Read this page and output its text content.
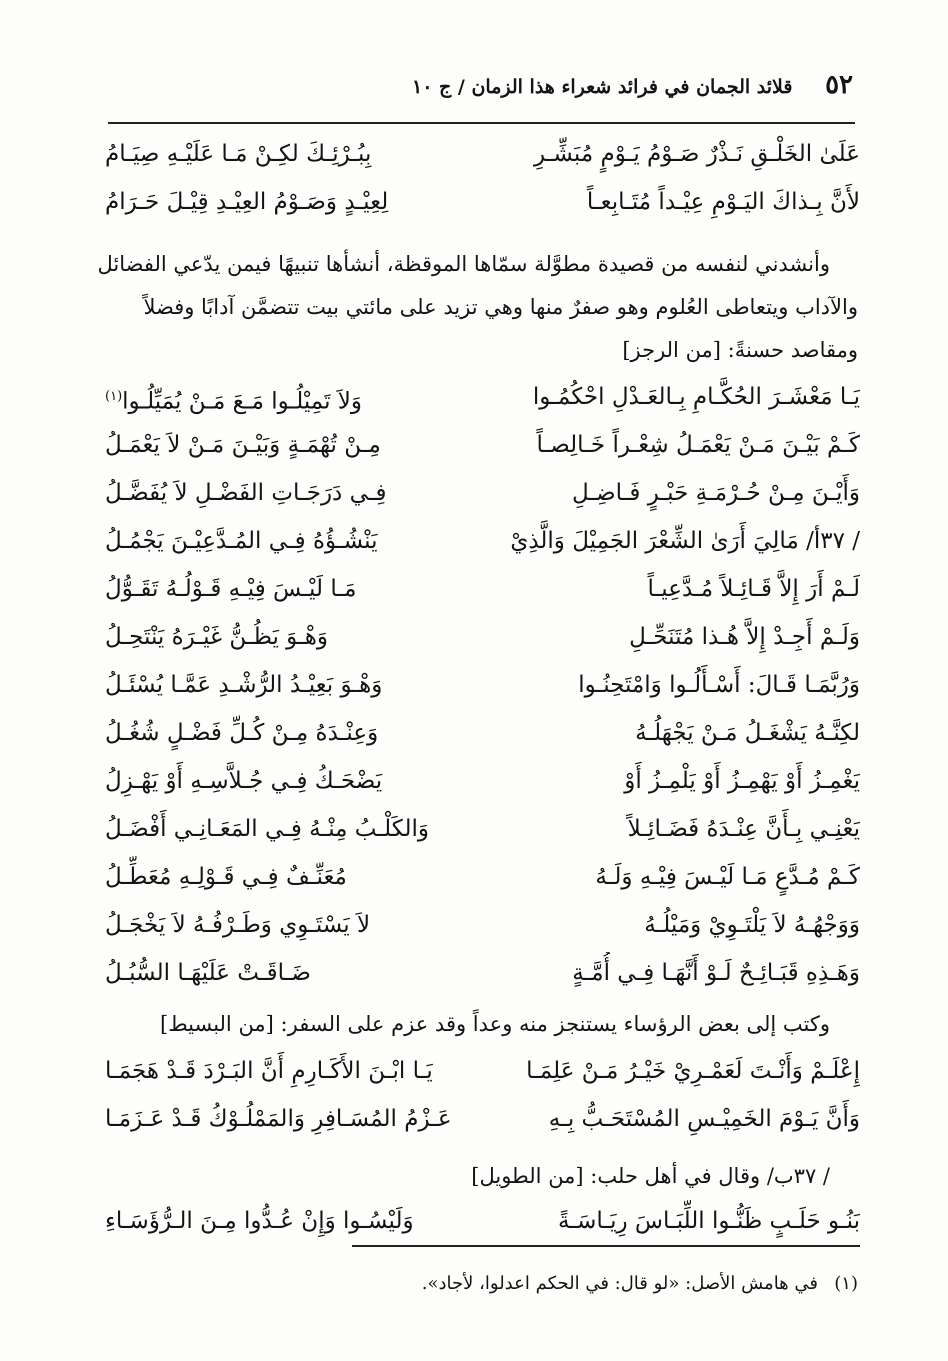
٥٢
قلائد الجمان في فرائد شعراء هذا الزمان / ج ١٠
عَلَىٰ الخَلْـقِ نَـذْرٌ صَـوْمُ يَـوْمٍ مُبَشِّـرِ
بِبُـرْئِـكَ لكِـنْ مَـا عَلَيْـهِ صِيَـامُ
لأَنَّ بِـذاكَ اليَـوْمِ عِيْـداً مُتَـابِعـاً
لِعِيْـدٍ وَصَـوْمُ العِيْـدِ قِيْـلَ حَـرَامُ
وأنشدني لنفسه من قصيدة مطوَّلة سمّاها الموقظة، أنشأها تنبيهًا فيمن يدّعي الفضائل
والآداب ويتعاطى العُلوم وهو صفرٌ منها وهي تزيد على مائتي بيت تتضمَّن آدابًا وفضلاً
ومقاصد حسنةً: [من الرجز]
يَـا مَعْشَـرَ الحُكَّـامِ بِـالعَـدْلِ احْكُمُـوا
وَلاَ تَمِيْلُـوا مَـعَ مَـنْ يُمَيِّلُـوا$^{(١)}$
كَـمْ بَيْـنَ مَـنْ يَعْمَـلُ شِعْـراً خَـالِصـاً
مِـنْ تُهْمَـةٍ وَبَيْـنَ مَـنْ لاَ يَعْمَـلُ
وَأَيْـنَ مِـنْ حُـرْمَـةِ حَبْـرٍ فَـاضِـلِ
فِـي دَرَجَـاتِ الفَضْـلِ لاَ يُفَضَّـلُ
/ ٣٧أ/ مَالِيَ أَرَىٰ الشِّعْرَ الجَمِيْلَ وَالَّذِيْ
يَنْشُـؤُهُ فِـي المُـدَّعِيْـنَ يَجْمُـلُ
لَـمْ أَرَ إِلاَّ قَـائِـلاً مُـدَّعِيـاً
مَـا لَيْـسَ فِيْـهِ قَـوْلُـهُ تَقَـوُّلُ
وَلَـمْ أَجِـدْ إِلاَّ هُـذا مُتَنَحِّـلِ
وَهْـوَ يَظُـنُّ غَيْـرَهُ يَنْتَحِـلُ
وَرُبَّمَـا قَـالَ: أَسْـأَلُـوا وَامْتَحِنُـوا
وَهْـوَ بَعِيْـدُ الرُّشْـدِ عَمَّـا يُسْئَـلُ
لكِنَّـهُ يَشْغَـلُ مَـنْ يَجْهَلُـهُ
وَعِنْـدَهُ مِـنْ كُـلِّ فَضْـلٍ شُغُـلُ
يَغْمِـزُ أَوْ يَهْمِـزُ أَوْ يَلْمِـزُ أَوْ
يَضْحَـكُ فِـي جُـلاَّسِـهِ أَوْ يَهْـزِلُ
يَعْنِـي بِـأَنَّ عِنْـدَهُ فَضَـائِـلاً
وَالكَلْـبُ مِنْـهُ فِـي المَعَـانِـي أَفْضَـلُ
كَـمْ مُـدَّعٍ مَـا لَيْـسَ فِيْـهِ وَلَـهُ
مُعَنِّـفٌ فِـي قَـوْلِـهِ مُعَطِّـلُ
وَوَجْهُـهُ لاَ يَلْتَـوِيْ وَمَيْلُـهُ
لاَ يَسْتَـوِي وَطَـرْفُـهُ لاَ يَخْجَـلُ
وَهَـذِهِ قَبَـائِـحٌ لَـوْ أَنَّهَـا فِـي أُمَّـةٍ
ضَـاقَـتْ عَلَيْهَـا السُّبُـلُ
وكتب إلى بعض الرؤساء يستنجز منه وعداً وقد عزم على السفر: [من البسيط]
إِعْلَـمْ وَأَنْـتَ لَعَمْـرِيْ خَيْـرُ مَـنْ عَلِمَـا
يَـا ابْـنَ الأَكَـارِمِ أَنَّ البَـرْدَ قَـدْ هَجَمَـا
وَأَنَّ يَـوْمَ الخَمِيْـسِ المُسْتَحَـبُّ بِـهِ
عَـزْمُ المُسَـافِرِ وَالمَمْلُـوْكُ قَـدْ عَـزَمَـا
/ ٣٧ب/ وقال في أهل حلب: [من الطويل]
بَنُـو حَلَـبٍ ظَنُّـوا اللِّبَـاسَ رِيَـاسَـةً
وَلَيْسُـوا وَإِنْ عُـدُّوا مِـنَ الـرُّؤَسَـاءِ
(١)
في هامش الأصل: «لو قال: في الحكم اعدلوا، لأجاد».
